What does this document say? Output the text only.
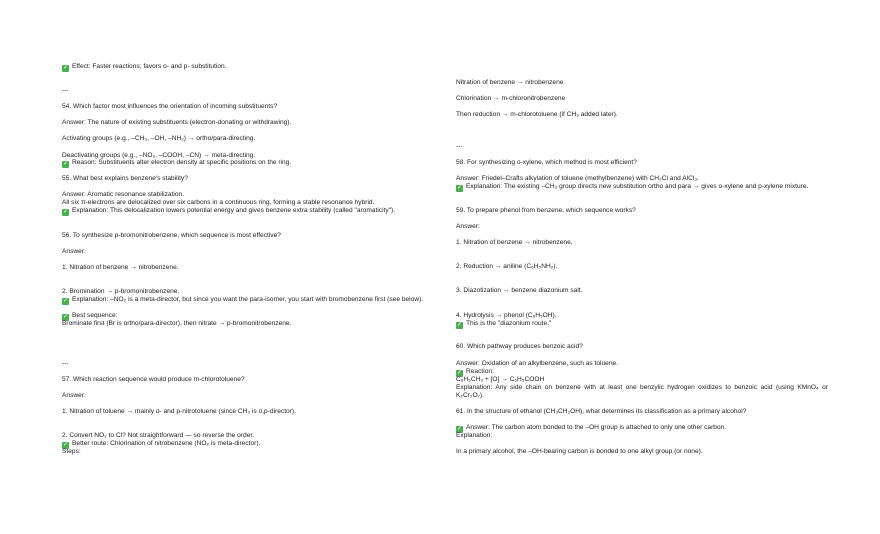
✓ Effect: Faster reactions; favors o- and p- substitution.
---
54. Which factor most influences the orientation of incoming substituents?
Answer: The nature of existing substituents (electron-donating or withdrawing).
Activating groups (e.g., –CH₃, –OH, –NH₂) → ortho/para-directing.
Deactivating groups (e.g., –NO₂, –COOH, –CN) → meta-directing.
✓ Reason: Substituents alter electron density at specific positions on the ring.
55. What best explains benzene's stability?
Answer: Aromatic resonance stabilization.
All six π-electrons are delocalized over six carbons in a continuous ring, forming a stable resonance hybrid.
✓ Explanation: This delocalization lowers potential energy and gives benzene extra stability (called "aromaticity").
56. To synthesize p-bromonitrobenzene, which sequence is most effective?
Answer:
1. Nitration of benzene → nitrobenzene.
2. Bromination → p-bromonitrobenzene.
✓ Explanation: –NO₂ is a meta-director, but since you want the para-isomer, you start with bromobenzene first (see below).
✓ Best sequence:
Brominate first (Br is ortho/para-director), then nitrate → p-bromonitrobenzene.
---
57. Which reaction sequence would produce m-chlorotoluene?
Answer:
1. Nitration of toluene → mainly o- and p-nitrotoluene (since CH₃ is o,p-director).
2. Convert NO₂ to Cl? Not straightforward — so reverse the order.
✓ Better route: Chlorination of nitrobenzene (NO₂ is meta-director).
Steps:
Nitration of benzene → nitrobenzene
Chlorination → m-chloronitrobenzene
Then reduction → m-chlorotoluene (if CH₃ added later).
---
58. For synthesizing o-xylene, which method is most efficient?
Answer: Friedel–Crafts alkylation of toluene (methylbenzene) with CH₃Cl and AlCl₃.
✓ Explanation: The existing –CH₃ group directs new substitution ortho and para → gives o-xylene and p-xylene mixture.
59. To prepare phenol from benzene, which sequence works?
Answer:
1. Nitration of benzene → nitrobenzene.
2. Reduction → aniline (C₆H₅NH₂).
3. Diazotization → benzene diazonium salt.
4. Hydrolysis → phenol (C₆H₅OH).
✓ This is the "diazonium route."
60. Which pathway produces benzoic acid?
Answer: Oxidation of an alkylbenzene, such as toluene.
✓ Reaction:
C₆H₅CH₃ + [O] → C₆H₅COOH
Explanation: Any side chain on benzene with at least one benzylic hydrogen oxidizes to benzoic acid (using KMnO₄ or K₂Cr₂O₇).
61. In the structure of ethanol (CH₃CH₂OH), what determines its classification as a primary alcohol?
✓ Answer: The carbon atom bonded to the –OH group is attached to only one other carbon.
Explanation:
In a primary alcohol, the –OH-bearing carbon is bonded to one alkyl group (or none).
